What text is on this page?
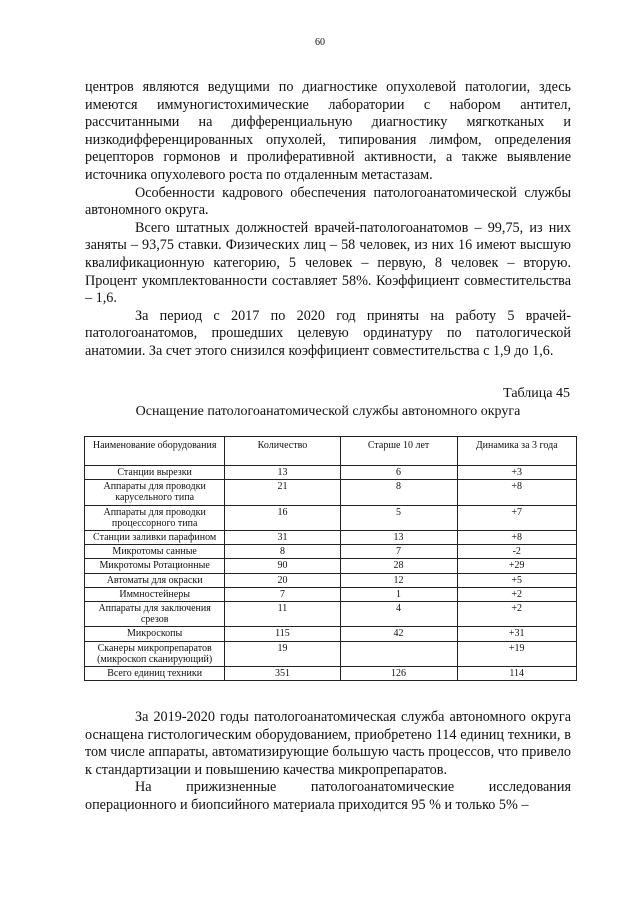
60

центров являются ведущими по диагностике опухолевой патологии, здесь имеются иммуногистохимические лаборатории с набором антител, рассчитанными на дифференциальную диагностику мягкотканых и низкодифференцированных опухолей, типирования лимфом, определения рецепторов гормонов и пролиферативной активности, а также выявление источника опухолевого роста по отдаленным метастазам.

Особенности кадрового обеспечения патологоанатомической службы автономного округа.

Всего штатных должностей врачей-патологоанатомов – 99,75, из них заняты – 93,75 ставки. Физических лиц – 58 человек, из них 16 имеют высшую квалификационную категорию, 5 человек – первую, 8 человек – вторую. Процент укомплектованности составляет 58%. Коэффициент совместительства – 1,6.

За период с 2017 по 2020 год приняты на работу 5 врачей-патологоанатомов, прошедших целевую ординатуру по патологической анатомии. За счет этого снизился коэффициент совместительства с 1,9 до 1,6.

Таблица 45
Оснащение патологоанатомической службы автономного округа
Наименование оборудования	Количество	Старше 10 лет	Динамика за 3 года
Станции вырезки	13	6	+3
Аппараты для проводки карусельного типа	21	8	+8
Аппараты для проводки процессорного типа	16	5	+7
Станции заливки парафином	31	13	+8
Микротомы санные	8	7	-2
Микротомы Ротационные	90	28	+29
Автоматы для окраски	20	12	+5
Иммностейнеры	7	1	+2
Аппараты для заключения срезов	11	4	+2
Микроскопы	115	42	+31
Сканеры микропрепаратов (микроскоп сканирующий)	19		+19
Всего единиц техники	351	126	114

За 2019-2020 годы патологоанатомическая служба автономного округа оснащена гистологическим оборудованием, приобретено 114 единиц техники, в том числе аппараты, автоматизирующие большую часть процессов, что привело к стандартизации и повышению качества микропрепаратов.

На прижизненные патологоанатомические исследования операционного и биопсийного материала приходится 95 % и только 5% –
